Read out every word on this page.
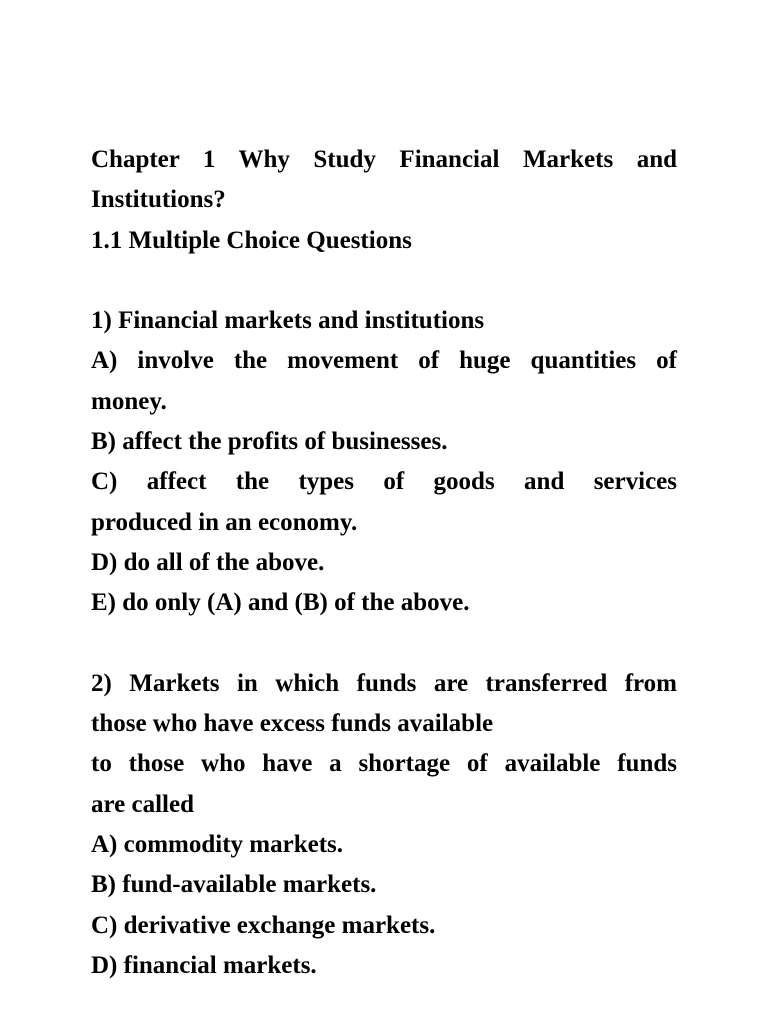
Chapter 1 Why Study Financial Markets and
Institutions?
1.1 Multiple Choice Questions
1) Financial markets and institutions
A) involve the movement of huge quantities of
money.
B) affect the profits of businesses.
C) affect the types of goods and services
produced in an economy.
D) do all of the above.
E) do only (A) and (B) of the above.
2) Markets in which funds are transferred from
those who have excess funds available
to those who have a shortage of available funds
are called
A) commodity markets.
B) fund-available markets.
C) derivative exchange markets.
D) financial markets.
